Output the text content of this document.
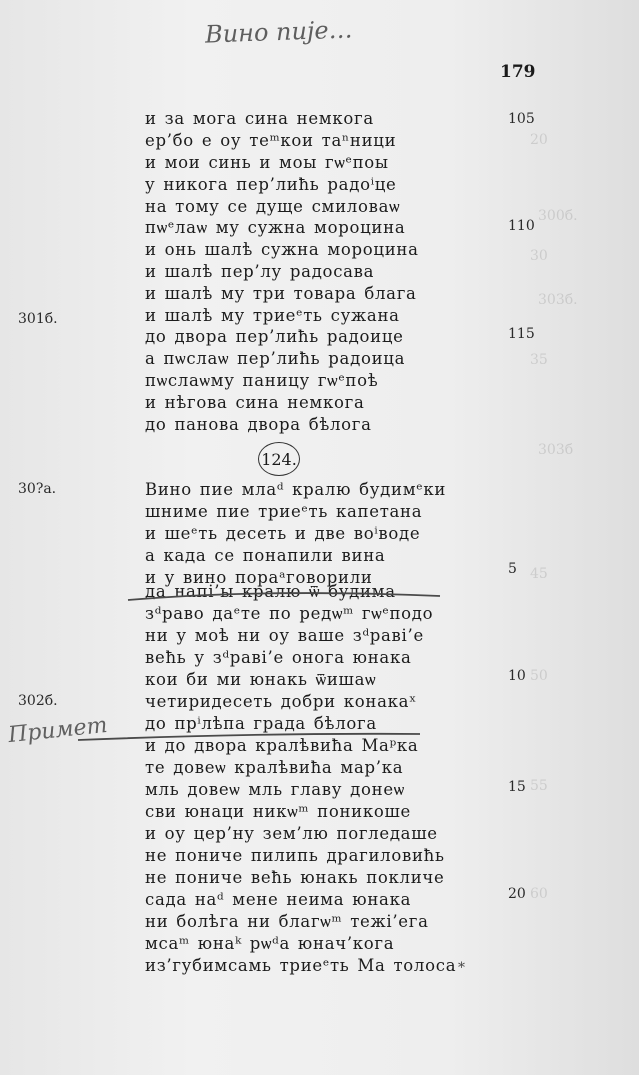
20
300б.
30
303б.
35
303б
45
50
55
60
Вино пије…
179
301б.
30?а.
302б.
105
110
115
5
10
15
20
и за мога сина немкога
ер’бо е оу теᵐкои таⁿници
и мои синь и моы гѡᵉпоы
у никога пер’лиħь радоⁱце
на тому се дуще смиловаѡ
пѡᵉлаѡ му сужна мороцина
и онь шалѣ сужна мороцина
и шалѣ пер’лу радосава
и шалѣ му три товара блага
и шалѣ му триеᵉть сужана
до двора пер’лиħь радоице
а пѡслаѡ пер’лиħь радоица
пѡслаѡму паницу гѡᵉпоѣ
и нѣгова сина немкога
до панова двора бѣлога
124.
Вино пие млаᵈ кралю будимᵉки
шниме пие триеᵉть капетана
и шеᵉть десеть и две воⁱводе
а када се понапили вина
и у вино пораᵃговорили
да напі’ы кралю ѿ будима
зᵈраво даᵉте по редѡᵐ гѡᵉподо
ни у моѣ ни оу ваше зᵈраві’е
веħь у зᵈраві’е онога юнака
кои би ми юнакь ѿишаѡ
четиридесеть добри конакаˣ
до прⁱлѣпа града бѣлога
и до двора кралѣвиħа Маᵖка
те довеѡ кралѣвиħа мар’ка
мль довеѡ мль главу донеѡ
сви юнаци никѡᵐ поникоше
и оу цер’ну зем’лю погледаше
не пониче пилипь драгиловиħь
не пониче веħь юнакь покличе
сада наᵈ мене неима юнака
ни болѣга ни благѡᵐ тежі’ега
мсаᵐ юнаᵏ рѡᵈа юнач’кога
из’губимсамь триеᵉть Ма толоса *
Примет
